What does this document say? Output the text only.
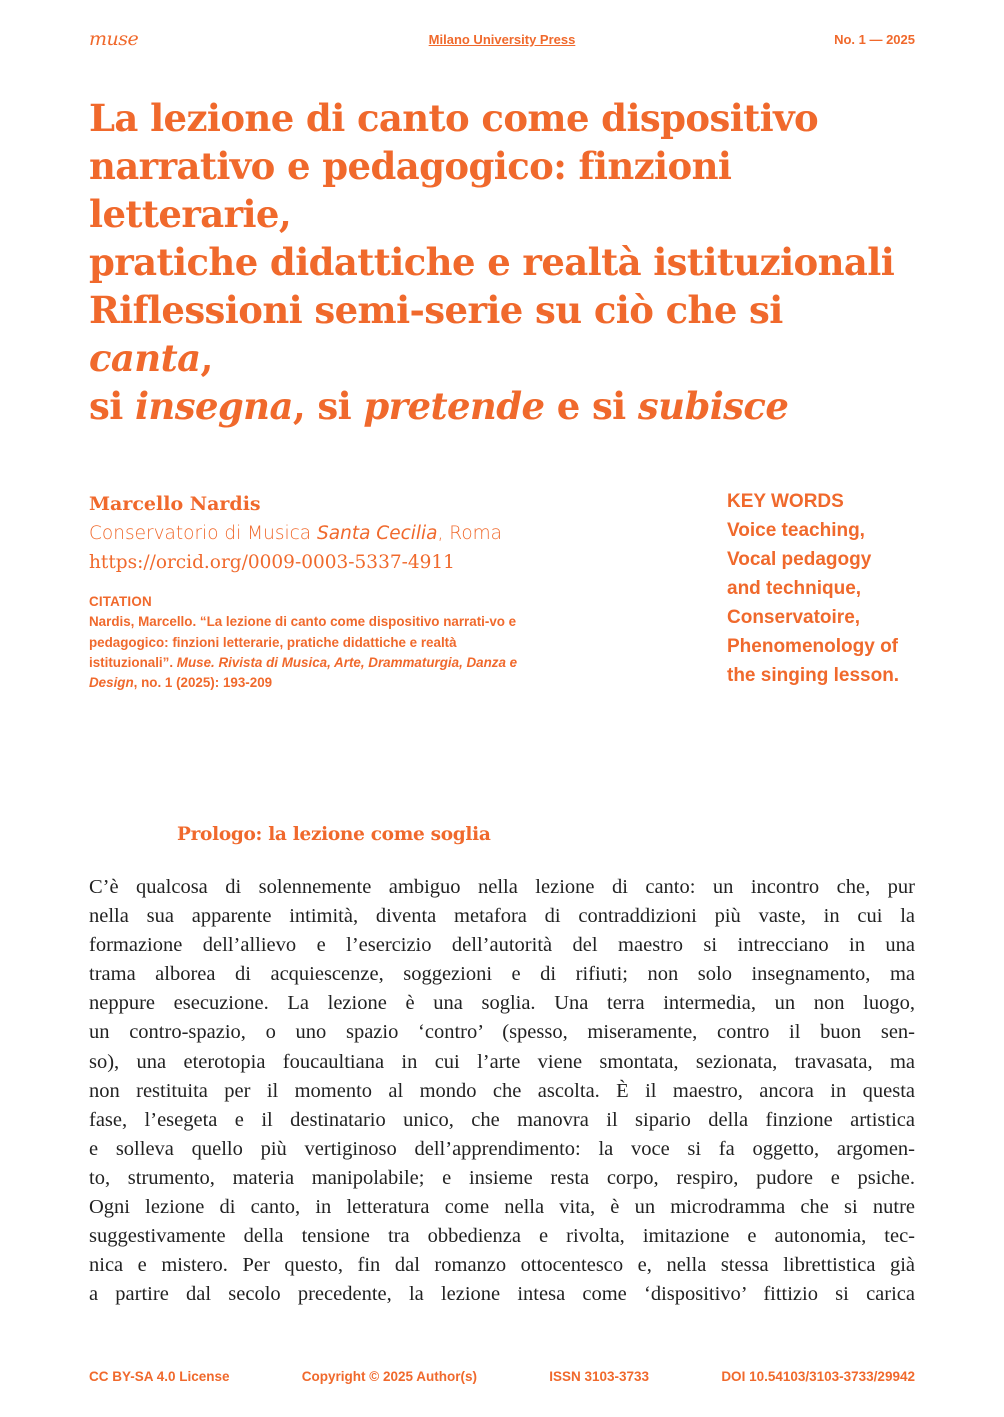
muse	Milano University Press	No. 1 — 2025
La lezione di canto come dispositivo
narrativo e pedagogico: finzioni letterarie,
pratiche didattiche e realtà istituzionali
Riflessioni semi-serie su ciò che si canta,
si insegna, si pretende e si subisce
Marcello Nardis
Conservatorio di Musica Santa Cecilia, Roma
https://orcid.org/0009-0003-5337-4911
CITATION
Nardis, Marcello. “La lezione di canto come dispositivo narrati-vo e pedagogico: finzioni letterarie, pratiche didattiche e realtà istituzionali”. Muse. Rivista di Musica, Arte, Drammaturgia, Danza e Design, no. 1 (2025): 193-209
KEY WORDS
Voice teaching,
Vocal pedagogy
and technique,
Conservatoire,
Phenomenology of
the singing lesson.
Prologo: la lezione come soglia
C’è qualcosa di solennemente ambiguo nella lezione di canto: un incontro che, pur
nella sua apparente intimità, diventa metafora di contraddizioni più vaste, in cui la
formazione dell’allievo e l’esercizio dell’autorità del maestro si intrecciano in una
trama alborea di acquiescenze, soggezioni e di rifiuti; non solo insegnamento, ma
neppure esecuzione. La lezione è una soglia. Una terra intermedia, un non luogo,
un contro-spazio, o uno spazio ‘contro’ (spesso, miseramente, contro il buon sen-
so), una eterotopia foucaultiana in cui l’arte viene smontata, sezionata, travasata, ma
non restituita per il momento al mondo che ascolta. È il maestro, ancora in questa
fase, l’esegeta e il destinatario unico, che manovra il sipario della finzione artistica
e solleva quello più vertiginoso dell’apprendimento: la voce si fa oggetto, argomen-
to, strumento, materia manipolabile; e insieme resta corpo, respiro, pudore e psiche.
Ogni lezione di canto, in letteratura come nella vita, è un microdramma che si nutre
suggestivamente della tensione tra obbedienza e rivolta, imitazione e autonomia, tec-
nica e mistero. Per questo, fin dal romanzo ottocentesco e, nella stessa librettistica già
a partire dal secolo precedente, la lezione intesa come ‘dispositivo’ fittizio si carica
CC BY-SA 4.0 License	Copyright © 2025 Author(s)	ISSN 3103-3733	DOI 10.54103/3103-3733/29942
